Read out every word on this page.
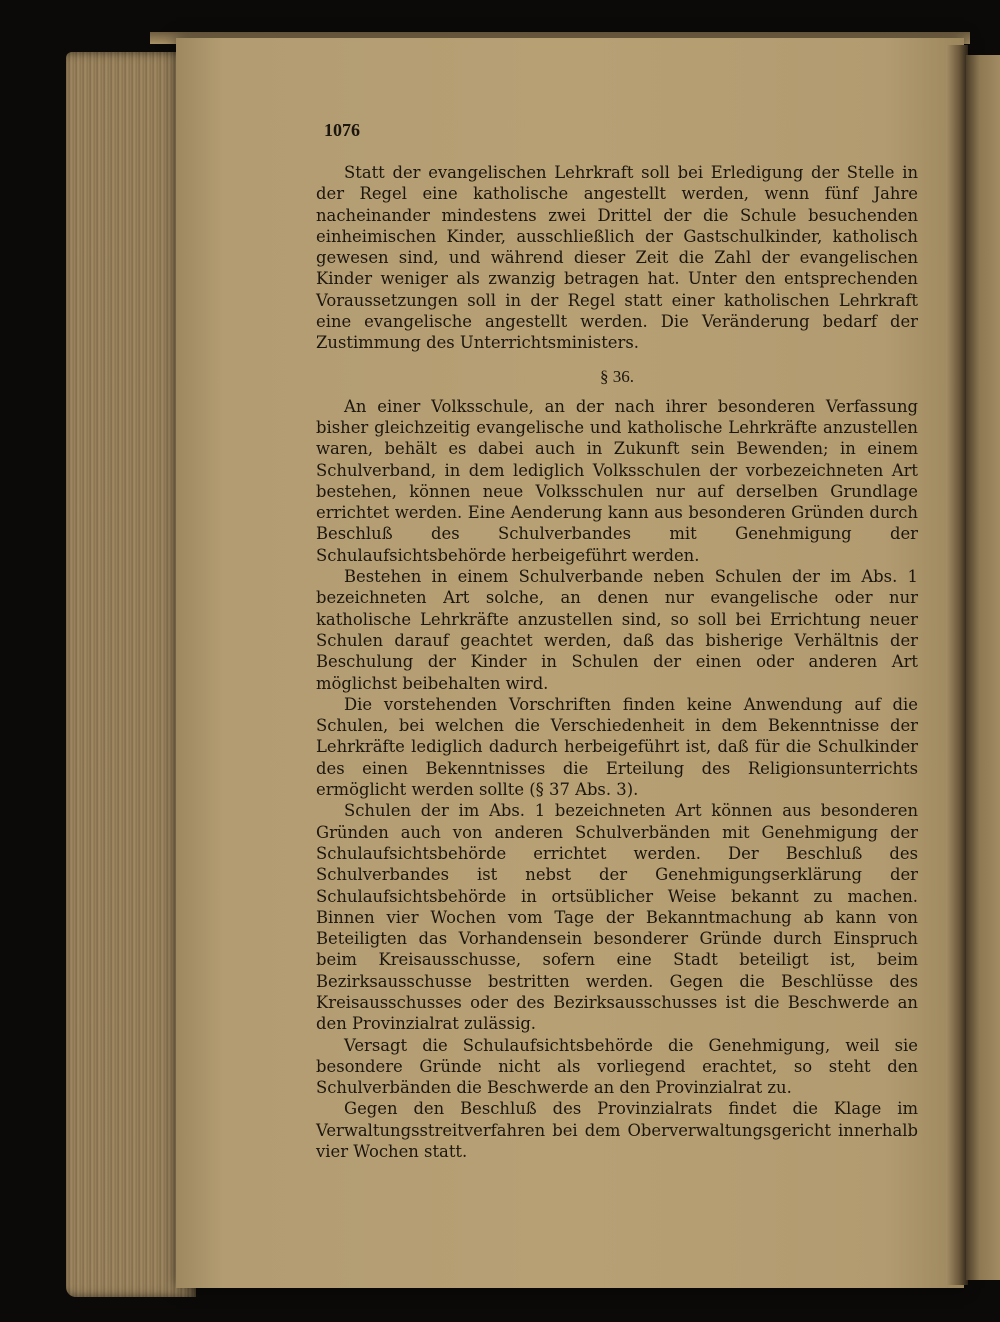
1076

Statt der evangelischen Lehrkraft soll bei Erledigung der Stelle in der Regel eine katholische angestellt werden, wenn fünf Jahre nacheinander mindestens zwei Drittel der die Schule besuchenden einheimischen Kinder, ausschließlich der Gastschulkinder, katholisch gewesen sind, und während dieser Zeit die Zahl der evangelischen Kinder weniger als zwanzig betragen hat. Unter den entsprechenden Voraussetzungen soll in der Regel statt einer katholischen Lehrkraft eine evangelische angestellt werden. Die Veränderung bedarf der Zustimmung des Unterrichtsministers.

§ 36.

An einer Volksschule, an der nach ihrer besonderen Verfassung bisher gleichzeitig evangelische und katholische Lehrkräfte anzustellen waren, behält es dabei auch in Zukunft sein Bewenden; in einem Schulverband, in dem lediglich Volksschulen der vorbezeichneten Art bestehen, können neue Volksschulen nur auf derselben Grundlage errichtet werden. Eine Aenderung kann aus besonderen Gründen durch Beschluß des Schulverbandes mit Genehmigung der Schulaufsichtsbehörde herbeigeführt werden.

Bestehen in einem Schulverbande neben Schulen der im Abs. 1 bezeichneten Art solche, an denen nur evangelische oder nur katholische Lehrkräfte anzustellen sind, so soll bei Errichtung neuer Schulen darauf geachtet werden, daß das bisherige Verhältnis der Beschulung der Kinder in Schulen der einen oder anderen Art möglichst beibehalten wird.

Die vorstehenden Vorschriften finden keine Anwendung auf die Schulen, bei welchen die Verschiedenheit in dem Bekenntnisse der Lehrkräfte lediglich dadurch herbeigeführt ist, daß für die Schulkinder des einen Bekenntnisses die Erteilung des Religionsunterrichts ermöglicht werden sollte (§ 37 Abs. 3).

Schulen der im Abs. 1 bezeichneten Art können aus besonderen Gründen auch von anderen Schulverbänden mit Genehmigung der Schulaufsichtsbehörde errichtet werden. Der Beschluß des Schulverbandes ist nebst der Genehmigungserklärung der Schulaufsichtsbehörde in ortsüblicher Weise bekannt zu machen. Binnen vier Wochen vom Tage der Bekanntmachung ab kann von Beteiligten das Vorhandensein besonderer Gründe durch Einspruch beim Kreisausschusse, sofern eine Stadt beteiligt ist, beim Bezirksausschusse bestritten werden. Gegen die Beschlüsse des Kreisausschusses oder des Bezirksausschusses ist die Beschwerde an den Provinzialrat zulässig.

Versagt die Schulaufsichtsbehörde die Genehmigung, weil sie besondere Gründe nicht als vorliegend erachtet, so steht den Schulverbänden die Beschwerde an den Provinzialrat zu.

Gegen den Beschluß des Provinzialrats findet die Klage im Verwaltungsstreitverfahren bei dem Oberverwaltungsgericht innerhalb vier Wochen statt.
